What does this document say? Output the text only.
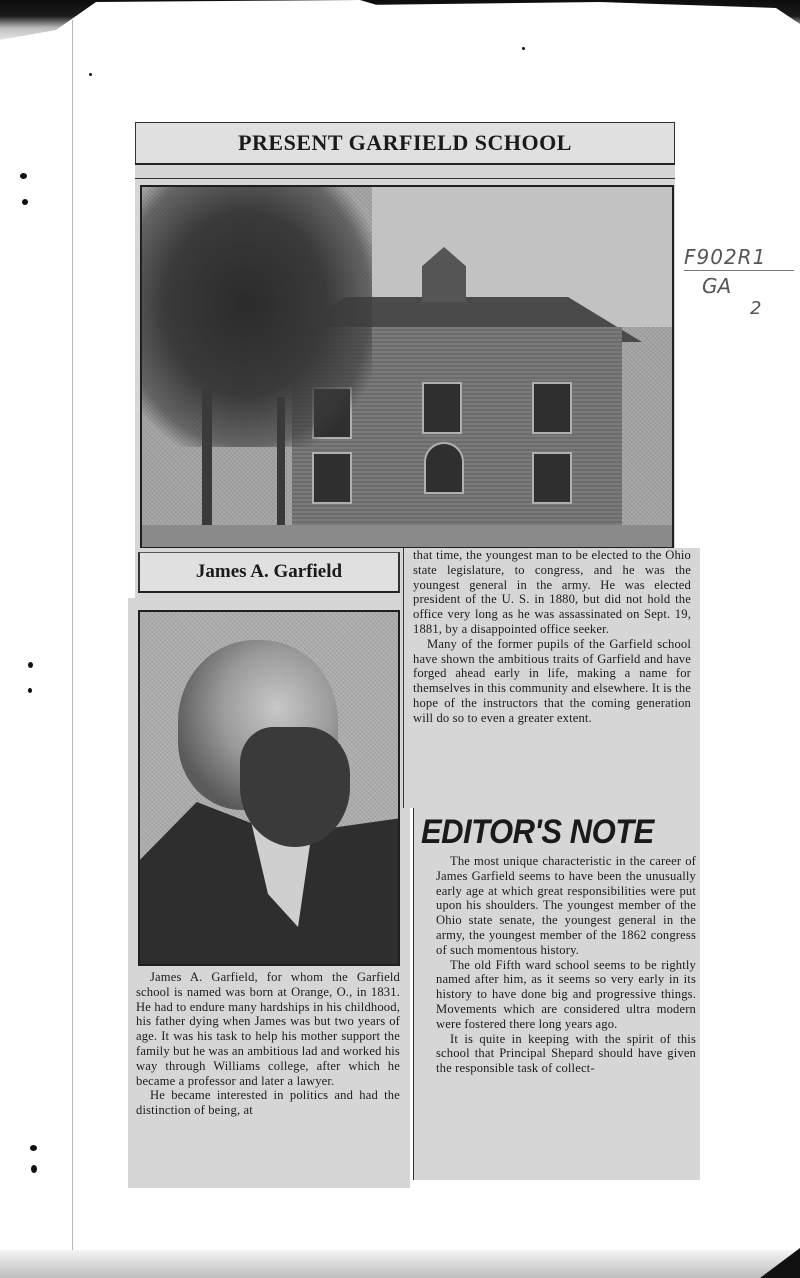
F902R1
GA
2
PRESENT GARFIELD SCHOOL
James A. Garfield

James A. Garfield, for whom the Garfield school is named was born at Orange, O., in 1831. He had to endure many hardships in his childhood, his father dying when James was but two years of age. It was his task to help his mother support the family but he was an ambitious lad and worked his way through Williams college, after which he became a professor and later a lawyer.

He became interested in politics and had the distinction of being, at

that time, the youngest man to be elected to the Ohio state legislature, to congress, and he was the youngest general in the army. He was elected president of the U. S. in 1880, but did not hold the office very long as he was assassinated on Sept. 19, 1881, by a disappointed office seeker.

Many of the former pupils of the Garfield school have shown the ambitious traits of Garfield and have forged ahead early in life, making a name for themselves in this community and elsewhere. It is the hope of the instructors that the coming generation will do so to even a greater extent.

EDITOR'S NOTE

The most unique characteristic in the career of James Garfield seems to have been the unusually early age at which great responsibilities were put upon his shoulders. The youngest member of the Ohio state senate, the youngest general in the army, the youngest member of the 1862 congress of such momentous history.

The old Fifth ward school seems to be rightly named after him, as it seems so very early in its history to have done big and progressive things. Movements which are considered ultra modern were fostered there long years ago.

It is quite in keeping with the spirit of this school that Principal Shepard should have given the responsible task of collect-
